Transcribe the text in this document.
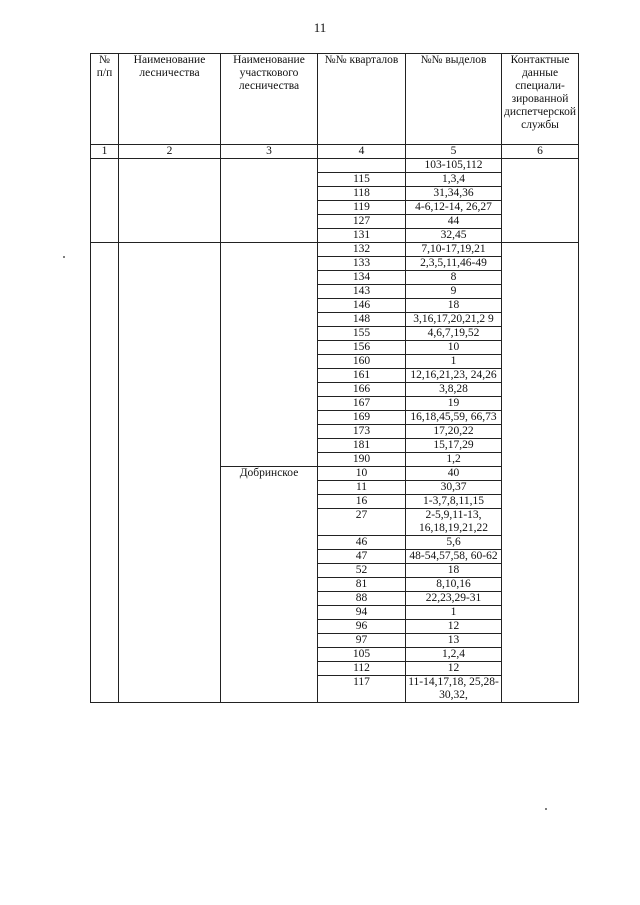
11
№ п/п	Наименование лесничества	Наименование участкового лесничества	№№ кварталов	№№ выделов	Контактные данные специали-зированной диспетчерской службы
1	2	3	4	5	6
				103-105,112	
			115	1,3,4	
			118	31,34,36	
			119	4-6,12-14, 26,27	
			127	44	
			131	32,45	
			132	7,10-17,19,21	
			133	2,3,5,11,46-49	
			134	8	
			143	9	
			146	18	
			148	3,16,17,20,21,2 9	
			155	4,6,7,19,52	
			156	10	
			160	1	
			161	12,16,21,23, 24,26	
			166	3,8,28	
			167	19	
			169	16,18,45,59, 66,73	
			173	17,20,22	
			181	15,17,29	
			190	1,2	
		Добринское	10	40	
			11	30,37	
			16	1-3,7,8,11,15	
			27	2-5,9,11-13, 16,18,19,21,22	
			46	5,6	
			47	48-54,57,58, 60-62	
			52	18	
			81	8,10,16	
			88	22,23,29-31	
			94	1	
			96	12	
			97	13	
			105	1,2,4	
			112	12	
			117	11-14,17,18, 25,28-30,32,	
